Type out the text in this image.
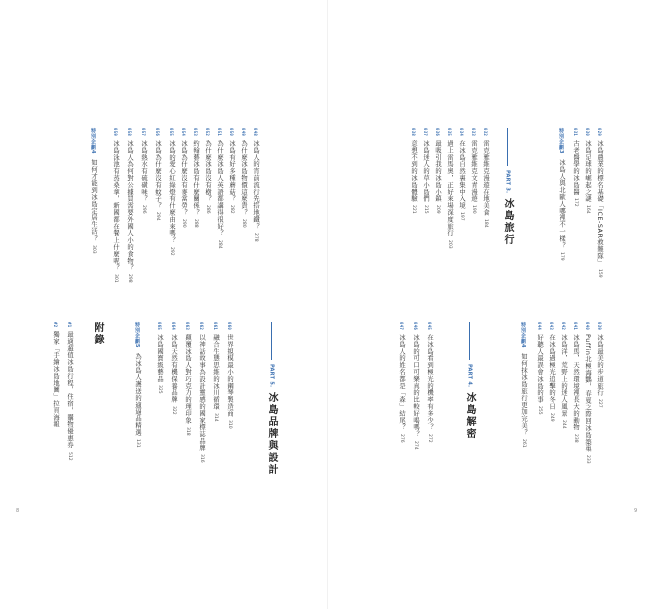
029
冰島農業的標名基礎「ICE-SAR救難隊」
159
030
冰島足球的崛起之謎
164
031
古老醫學的冰島醫
172
特別企劃3
冰島人與北歐人哪裡不一樣？
179
032
雷克雅維克漫遊在地美食
184
033
雷克雅維克文青漫遊
190
034
在冰島自然裏集中入境
197
035
過上雷馬奧，正好來場深度旅行
203
036
最吸引我的冰島小鎮
209
037
冰島迷人的草小島們
215
038
意想不到的冰島體驗
221
PART 3.
冰島旅行
039
冰島最美的步道旅行
227
040
Puffin北極海鸚，春夏之際回冰島築巢
233
041
冰島馬，天然環境裡長大的動物
238
042
冰島洋，荒野上的迷人風景
244
043
在冰島過極光追擊的冬日
249
044
好聽人最誤會冰島的事
255
特別企劃4
如何抹冰島旅行更加完美？
261
PART 4.
冰島解密
045
在冰島看到極光的機率有多少？
272
046
冰島的可口可樂真的比較好喝嗎？
274
047
冰島人的姓名都是「森」結尾？
276
048
冰島人的宵前流行先搭地鐵？
278
049
為什麼冰島物價這麼貴？
280
050
冰島有好多種蘑菇？
282
051
為什麼冰島人英語都講得很好？
284
052
為什麼冰島沒有樹？
286
053
約翰藝冰島有什麼關係？
288
054
冰島為什麼沒有麥當勞？
290
055
冰島的愛心紅綠燈有什麼由來嗎？
292
056
冰島為什麼沒有蚊子？
294
057
冰島熱水有硫磺味？
296
058
冰島人為何對公據買需要外國人小的食物？
298
059
冰島泳池有蒸桑拿，新國都在餐上什麼呢？
301
特別企劃4
如何才能到冰島定居生活？
303
PART 5.
冰島品牌與設計
060
世界規模最小的鋼琴製造商
310
061
融合生態思維的冰川循環
314
062
以神話故事為設計靈感的國家標誌品牌
316
063
顛覆冰島人對巧克力的理印象
318
064
冰島天然有機保養品牌
322
065
冰島國寶級藝品
325
特別企劃5
為冰島人護送的適逼品精選
131
附錄
#1
最適超值冰島行程，住宿，購物優惠券
512
#2
獨家「手繪冰島地圖」拉頁海報
8	9
